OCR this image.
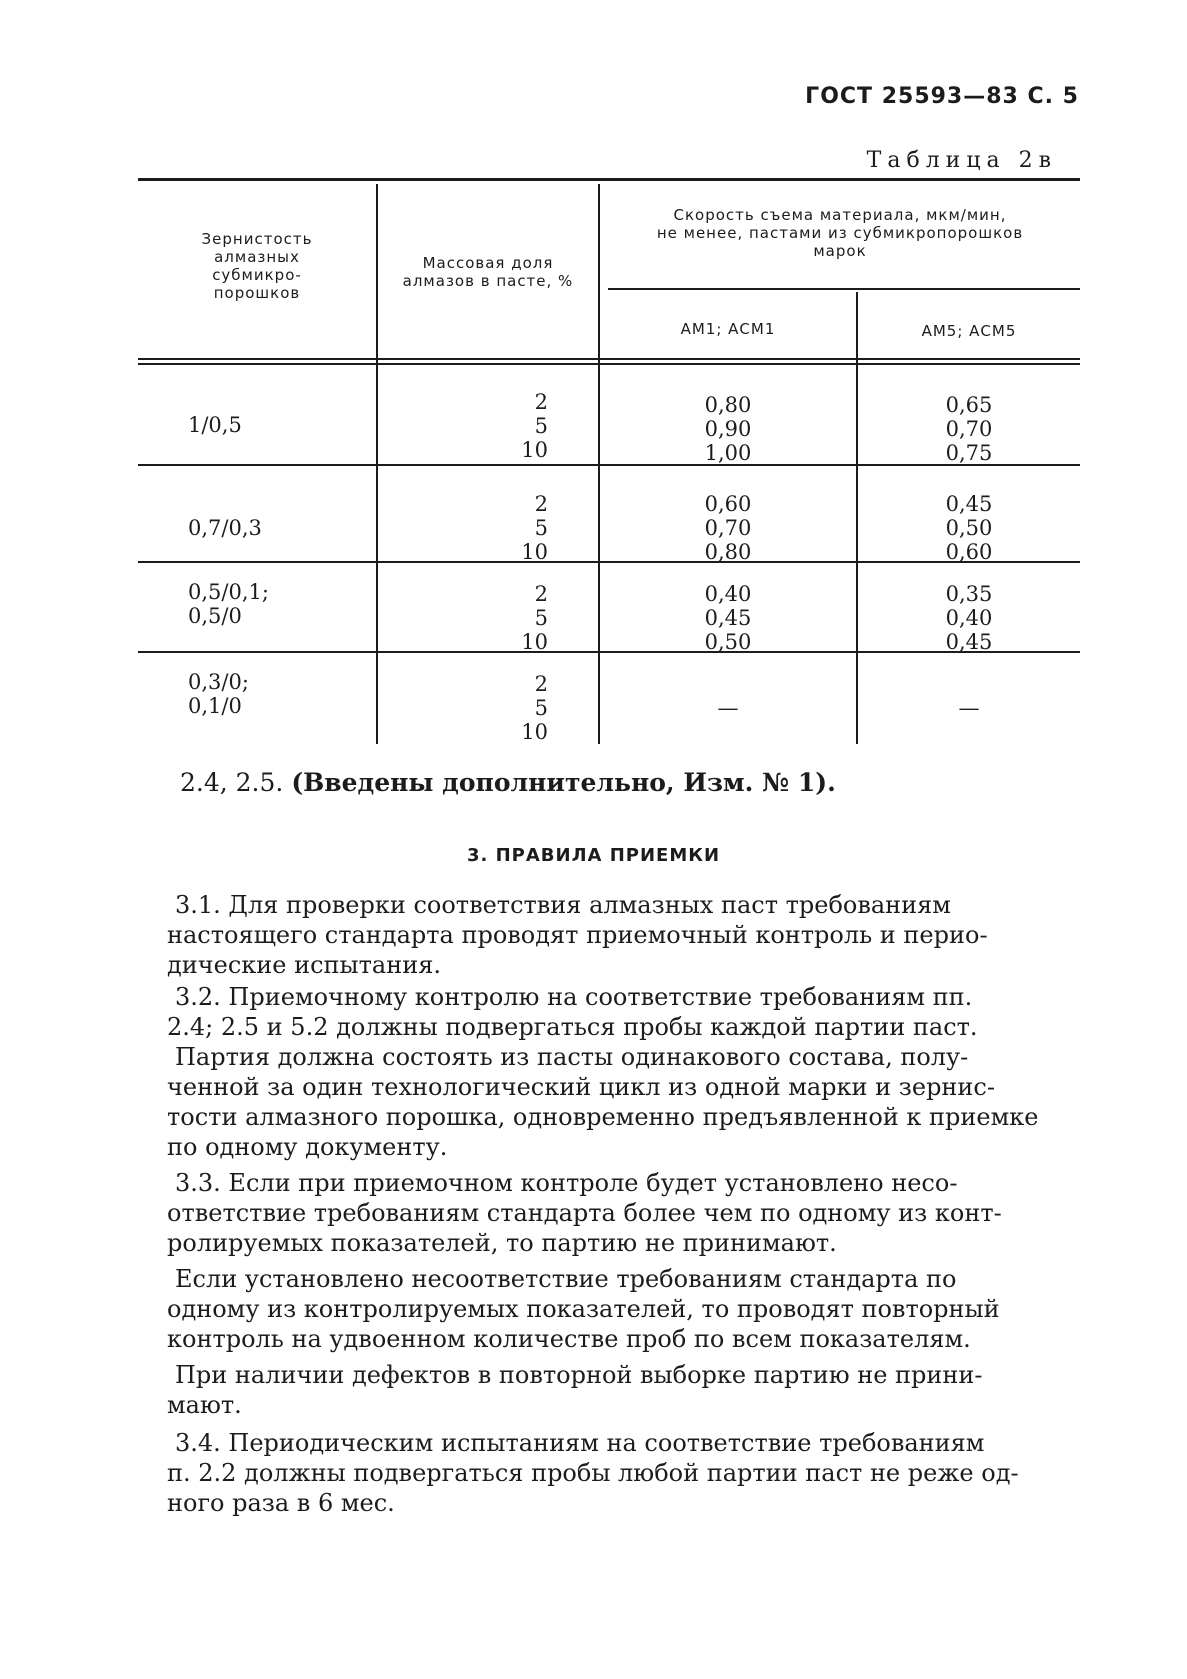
ГОСТ 25593—83 С. 5
Таблица 2в
Зернистость
алмазных
субмикро-
порошков
Массовая доля
алмазов в пасте, %
Скорость съема материала, мкм/мин,
не менее, пастами из субмикропорошков
марок
АМ1; АСМ1	АМ5; АСМ5
1/0,5
2
5
10
0,80
0,90
1,00
0,65
0,70
0,75
0,7/0,3
2
5
10
0,60
0,70
0,80
0,45
0,50
0,60
0,5/0,1;
0,5/0
2
5
10
0,40
0,45
0,50
0,35
0,40
0,45
0,3/0;
0,1/0
2
5
10
—	—
2.4, 2.5. (Введены дополнительно, Изм. № 1).
3. ПРАВИЛА ПРИЕМКИ
3.1. Для проверки соответствия алмазных паст требованиям
настоящего стандарта проводят приемочный контроль и перио-
дические испытания.
3.2. Приемочному контролю на соответствие требованиям пп.
2.4; 2.5 и 5.2 должны подвергаться пробы каждой партии паст.
Партия должна состоять из пасты одинакового состава, полу-
ченной за один технологический цикл из одной марки и зернис-
тости алмазного порошка, одновременно предъявленной к приемке
по одному документу.
3.3. Если при приемочном контроле будет установлено несо-
ответствие требованиям стандарта более чем по одному из конт-
ролируемых показателей, то партию не принимают.
Если установлено несоответствие требованиям стандарта по
одному из контролируемых показателей, то проводят повторный
контроль на удвоенном количестве проб по всем показателям.
При наличии дефектов в повторной выборке партию не прини-
мают.
3.4. Периодическим испытаниям на соответствие требованиям
п. 2.2 должны подвергаться пробы любой партии паст не реже од-
ного раза в 6 мес.
